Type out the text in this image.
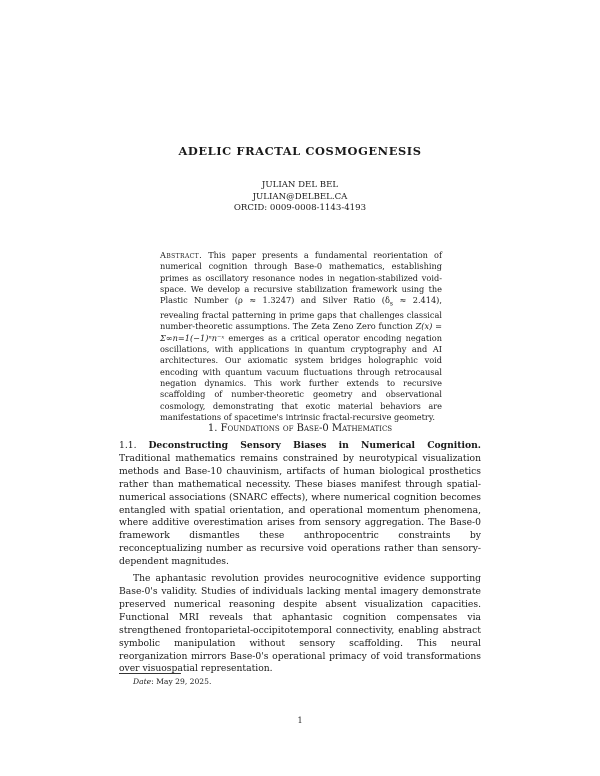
ADELIC FRACTAL COSMOGENESIS
JULIAN DEL BEL
JULIAN@DELBEL.CA
ORCID: 0009-0008-1143-4193
Abstract. This paper presents a fundamental reorientation of numerical cognition through Base-0 mathematics, establishing primes as oscillatory resonance nodes in negation-stabilized void-space. We develop a recursive stabilization framework using the Plastic Number (ρ ≈ 1.3247) and Silver Ratio $(\delta_s \approx 2.414)$, revealing fractal patterning in prime gaps that challenges classical number-theoretic assumptions. The Zeta Zeno Zero function Z(x) = Σ∞n=1(−1)ⁿn⁻ˣ emerges as a critical operator encoding negation oscillations, with applications in quantum cryptography and AI architectures. Our axiomatic system bridges holographic void encoding with quantum vacuum fluctuations through retrocausal negation dynamics. This work further extends to recursive scaffolding of number-theoretic geometry and observational cosmology, demonstrating that exotic material behaviors are manifestations of spacetime's intrinsic fractal-recursive geometry.
1. Foundations of Base-0 Mathematics

1.1. Deconstructing Sensory Biases in Numerical Cognition. Traditional mathematics remains constrained by neurotypical visualization methods and Base-10 chauvinism, artifacts of human biological prosthetics rather than mathematical necessity. These biases manifest through spatial-numerical associations (SNARC effects), where numerical cognition becomes entangled with spatial orientation, and operational momentum phenomena, where additive overestimation arises from sensory aggregation. The Base-0 framework dismantles these anthropocentric constraints by reconceptualizing number as recursive void operations rather than sensory-dependent magnitudes.

The aphantasic revolution provides neurocognitive evidence supporting Base-0's validity. Studies of individuals lacking mental imagery demonstrate preserved numerical reasoning despite absent visualization capacities. Functional MRI reveals that aphantasic cognition compensates via strengthened frontoparietal-occipitotemporal connectivity, enabling abstract symbolic manipulation without sensory scaffolding. This neural reorganization mirrors Base-0's operational primacy of void transformations over visuospatial representation.

Date: May 29, 2025.
1
